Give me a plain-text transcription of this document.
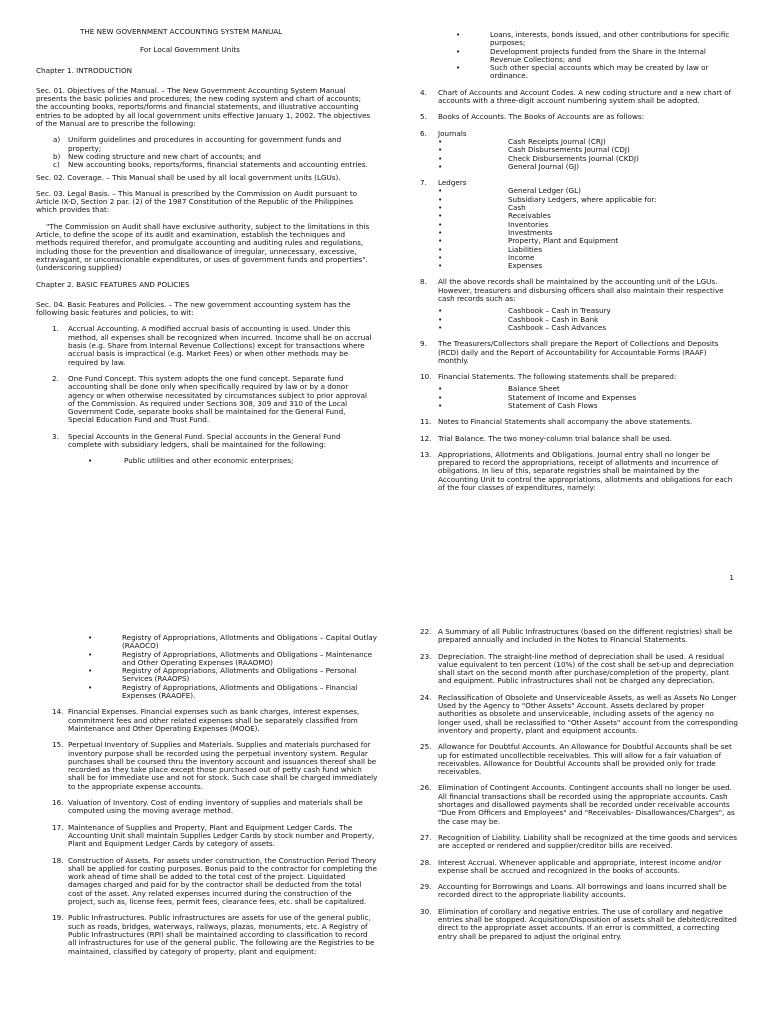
THE NEW GOVERNMENT ACCOUNTING SYSTEM MANUAL

For Local Government Units

Chapter 1. INTRODUCTION

Sec. 01. Objectives of the Manual. – The New Government Accounting System Manual presents the basic policies and procedures; the new coding system and chart of accounts; the accounting books, reports/forms and financial statements, and illustrative accounting entries to be adopted by all local government units effective January 1, 2002. The objectives of the Manual are to prescribe the following:

a) Uniform guidelines and procedures in accounting for government funds and property;
b) New coding structure and new chart of accounts; and
c) New accounting books, reports/forms, financial statements and accounting entries.

Sec. 02. Coverage. – This Manual shall be used by all local government units (LGUs).

Sec. 03. Legal Basis. – This Manual is prescribed by the Commission on Audit pursuant to Article IX-D, Section 2 par. (2) of the 1987 Constitution of the Republic of the Philippines which provides that:

"The Commission on Audit shall have exclusive authority, subject to the limitations in this Article, to define the scope of its audit and examination, establish the techniques and methods required therefor, and promulgate accounting and auditing rules and regulations, including those for the prevention and disallowance of irregular, unnecessary, excessive, extravagant, or unconscionable expenditures, or uses of government funds and properties". (underscoring supplied)

Chapter 2. BASIC FEATURES AND POLICIES

Sec. 04. Basic Features and Policies. – The new government accounting system has the following basic features and policies, to wit:

1. Accrual Accounting. A modified accrual basis of accounting is used. Under this method, all expenses shall be recognized when incurred. Income shall be on accrual basis (e.g. Share from Internal Revenue Collections) except for transactions where accrual basis is impractical (e.g. Market Fees) or when other methods may be required by law.
2. One Fund Concept. This system adopts the one fund concept. Separate fund accounting shall be done only when specifically required by law or by a donor agency or when otherwise necessitated by circumstances subject to prior approval of the Commission. As required under Sections 308, 309 and 310 of the Local Government Code, separate books shall be maintained for the General Fund, Special Education Fund and Trust Fund.
3. Special Accounts in the General Fund. Special accounts in the General Fund complete with subsidiary ledgers, shall be maintained for the following:
•	Public utilities and other economic enterprises;
•	Loans, interests, bonds issued, and other contributions for specific purposes;
•	Development projects funded from the Share in the Internal Revenue Collections; and
•	Such other special accounts which may be created by law or ordinance.
4. Chart of Accounts and Account Codes. A new coding structure and a new chart of accounts with a three-digit account numbering system shall be adopted.
5. Books of Accounts. The Books of Accounts are as follows:
6. Journals
•	Cash Receipts Journal (CRJ)
•	Cash Disbursements Journal (CDJ)
•	Check Disbursements Journal (CKDJ)
•	General Journal (GJ)
7. Ledgers
•	General Ledger (GL)
•	Subsidiary Ledgers, where applicable for:
•	Cash
•	Receivables
•	Inventories
•	Investments
•	Property, Plant and Equipment
•	Liabilities
•	Income
•	Expenses
8. All the above records shall be maintained by the accounting unit of the LGUs. However, treasurers and disbursing officers shall also maintain their respective cash records such as:
•	Cashbook – Cash in Treasury
•	Cashbook – Cash in Bank
•	Cashbook – Cash Advances
9. The Treasurers/Collectors shall prepare the Report of Collections and Deposits (RCD) daily and the Report of Accountability for Accountable Forms (RAAF) monthly.
10. Financial Statements. The following statements shall be prepared:
•	Balance Sheet
•	Statement of Income and Expenses
•	Statement of Cash Flows
11. Notes to Financial Statements shall accompany the above statements.
12. Trial Balance. The two money-column trial balance shall be used.
13. Appropriations, Allotments and Obligations. Journal entry shall no longer be prepared to record the appropriations, receipt of allotments and incurrence of obligations. In lieu of this, separate registries shall be maintained by the Accounting Unit to control the appropriations, allotments and obligations for each of the four classes of expenditures, namely:
1
•	Registry of Appropriations, Allotments and Obligations – Capital Outlay (RAAOCO)
•	Registry of Appropriations, Allotments and Obligations – Maintenance and Other Operating Expenses (RAAOMO)
•	Registry of Appropriations, Allotments and Obligations – Personal Services (RAAOPS)
•	Registry of Appropriations, Allotments and Obligations – Financial Expenses (RAAOFE).
14. Financial Expenses. Financial expenses such as bank charges, interest expenses, commitment fees and other related expenses shall be separately classified from Maintenance and Other Operating Expenses (MOOE).
15. Perpetual Inventory of Supplies and Materials. Supplies and materials purchased for inventory purpose shall be recorded using the perpetual inventory system. Regular purchases shall be coursed thru the inventory account and issuances thereof shall be recorded as they take place except those purchased out of petty cash fund which shall be for immediate use and not for stock. Such case shall be charged immediately to the appropriate expense accounts.
16. Valuation of Inventory. Cost of ending inventory of supplies and materials shall be computed using the moving average method.
17. Maintenance of Supplies and Property, Plant and Equipment Ledger Cards. The Accounting Unit shall maintain Supplies Ledger Cards by stock number and Property, Plant and Equipment Ledger Cards by category of assets.
18. Construction of Assets. For assets under construction, the Construction Period Theory shall be applied for costing purposes. Bonus paid to the contractor for completing the work ahead of time shall be added to the total cost of the project. Liquidated damages charged and paid for by the contractor shall be deducted from the total cost of the asset. Any related expenses incurred during the construction of the project, such as, license fees, permit fees, clearance fees, etc. shall be capitalized.
19. Public Infrastructures. Public infrastructures are assets for use of the general public, such as roads, bridges, waterways, railways, plazas, monuments, etc. A Registry of Public Infrastructures (RPI) shall be maintained according to classification to record all infrastructures for use of the general public. The following are the Registries to be maintained, classified by category of property, plant and equipment:
22. A Summary of all Public Infrastructures (based on the different registries) shall be prepared annually and included in the Notes to Financial Statements.
23. Depreciation. The straight-line method of depreciation shall be used. A residual value equivalent to ten percent (10%) of the cost shall be set-up and depreciation shall start on the second month after purchase/completion of the property, plant and equipment. Public infrastructures shall not be charged any depreciation.
24. Reclassification of Obsolete and Unserviceable Assets, as well as Assets No Longer Used by the Agency to "Other Assets" Account. Assets declared by proper authorities as obsolete and unserviceable, including assets of the agency no longer used, shall be reclassified to "Other Assets" account from the corresponding inventory and property, plant and equipment accounts.
25. Allowance for Doubtful Accounts. An Allowance for Doubtful Accounts shall be set up for estimated uncollectible receivables. This will allow for a fair valuation of receivables. Allowance for Doubtful Accounts shall be provided only for trade receivables.
26. Elimination of Contingent Accounts. Contingent accounts shall no longer be used. All financial transactions shall be recorded using the appropriate accounts. Cash shortages and disallowed payments shall be recorded under receivable accounts "Due From Officers and Employees" and "Receivables- Disallowances/Charges", as the case may be.
27. Recognition of Liability. Liability shall be recognized at the time goods and services are accepted or rendered and supplier/creditor bills are received.
28. Interest Accrual. Whenever applicable and appropriate, interest income and/or expense shall be accrued and recognized in the books of accounts.
29. Accounting for Borrowings and Loans. All borrowings and loans incurred shall be recorded direct to the appropriate liability accounts.
30. Elimination of corollary and negative entries. The use of corollary and negative entries shall be stopped. Acquisition/Disposition of assets shall be debited/credited direct to the appropriate asset accounts. If an error is committed, a correcting entry shall be prepared to adjust the original entry.
